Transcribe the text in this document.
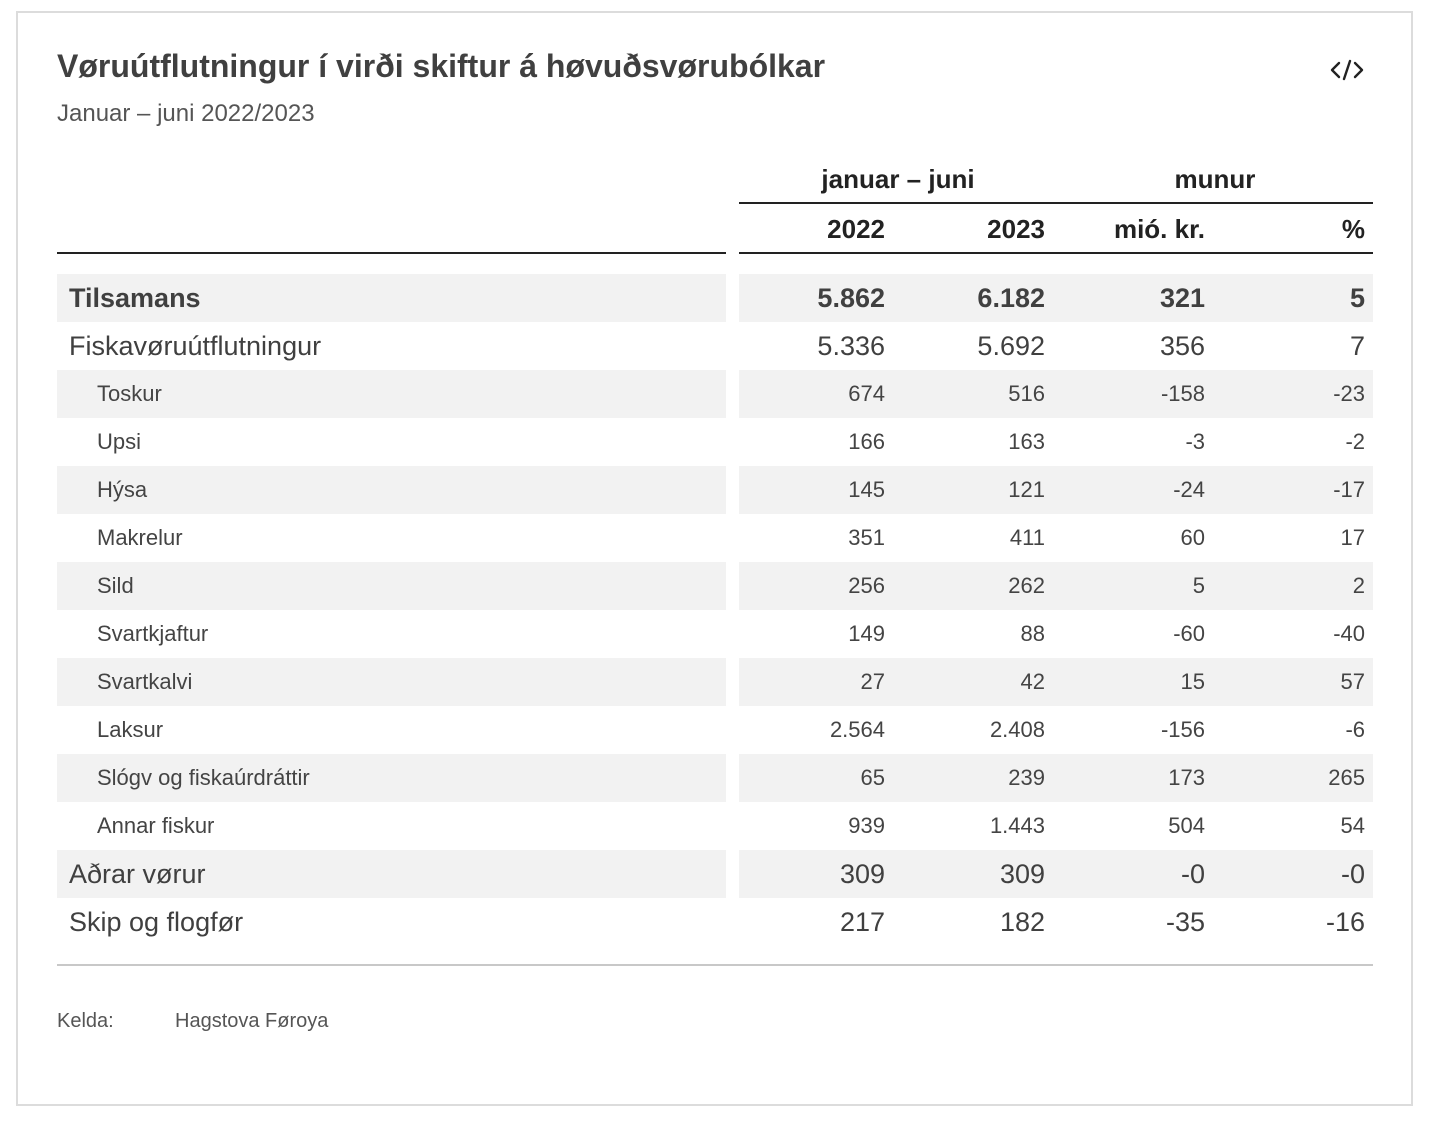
Vøruútflutningur í virði skiftur á høvuðsvørubólkar
Januar – juni 2022/2023
januar – juni	munur
2022	2023	mió. kr.	%
Tilsamans	5.862	6.182	321	5
Fiskavøruútflutningur	5.336	5.692	356	7
Toskur	674	516	-158	-23
Upsi	166	163	-3	-2
Hýsa	145	121	-24	-17
Makrelur	351	411	60	17
Sild	256	262	5	2
Svartkjaftur	149	88	-60	-40
Svartkalvi	27	42	15	57
Laksur	2.564	2.408	-156	-6
Slógv og fiskaúrdráttir	65	239	173	265
Annar fiskur	939	1.443	504	54
Aðrar vørur	309	309	-0	-0
Skip og flogfør	217	182	-35	-16
Kelda:	Hagstova Føroya
